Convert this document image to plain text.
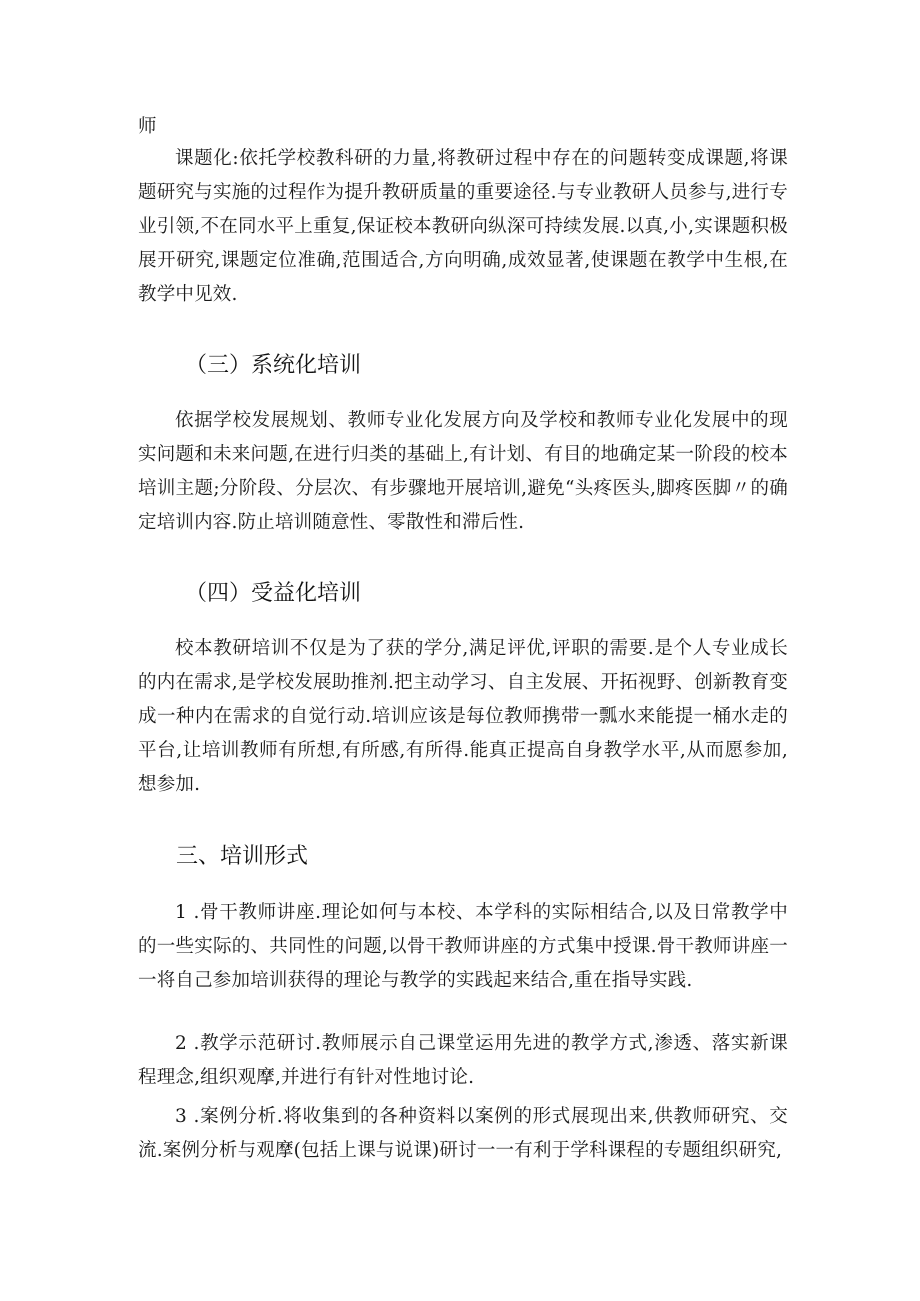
师

课题化:依托学校教科研的力量,将教研过程中存在的问题转变成课题,将课题研究与实施的过程作为提升教研质量的重要途径.与专业教研人员参与,进行专业引领,不在同水平上重复,保证校本教研向纵深可持续发展.以真,小,实课题积极展开研究,课题定位准确,范围适合,方向明确,成效显著,使课题在教学中生根,在教学中见效.

（三）系统化培训

依据学校发展规划、教师专业化发展方向及学校和教师专业化发展中的现实问题和未来问题,在进行归类的基础上,有计划、有目的地确定某一阶段的校本培训主题;分阶段、分层次、有步骤地开展培训,避免“头疼医头,脚疼医脚〃的确定培训内容.防止培训随意性、零散性和滞后性.

（四）受益化培训

校本教研培训不仅是为了获的学分,满足评优,评职的需要.是个人专业成长的内在需求,是学校发展助推剂.把主动学习、自主发展、开拓视野、创新教育变成一种内在需求的自觉行动.培训应该是每位教师携带一瓢水来能提一桶水走的平台,让培训教师有所想,有所感,有所得.能真正提高自身教学水平,从而愿参加,想参加.

三、培训形式

1 .骨干教师讲座.理论如何与本校、本学科的实际相结合,以及日常教学中的一些实际的、共同性的问题,以骨干教师讲座的方式集中授课.骨干教师讲座一一将自己参加培训获得的理论与教学的实践起来结合,重在指导实践.

2 .教学示范研讨.教师展示自己课堂运用先进的教学方式,渗透、落实新课程理念,组织观摩,并进行有针对性地讨论.

3 .案例分析.将收集到的各种资料以案例的形式展现出来,供教师研究、交流.案例分析与观摩(包括上课与说课)研讨一一有利于学科课程的专题组织研究,
